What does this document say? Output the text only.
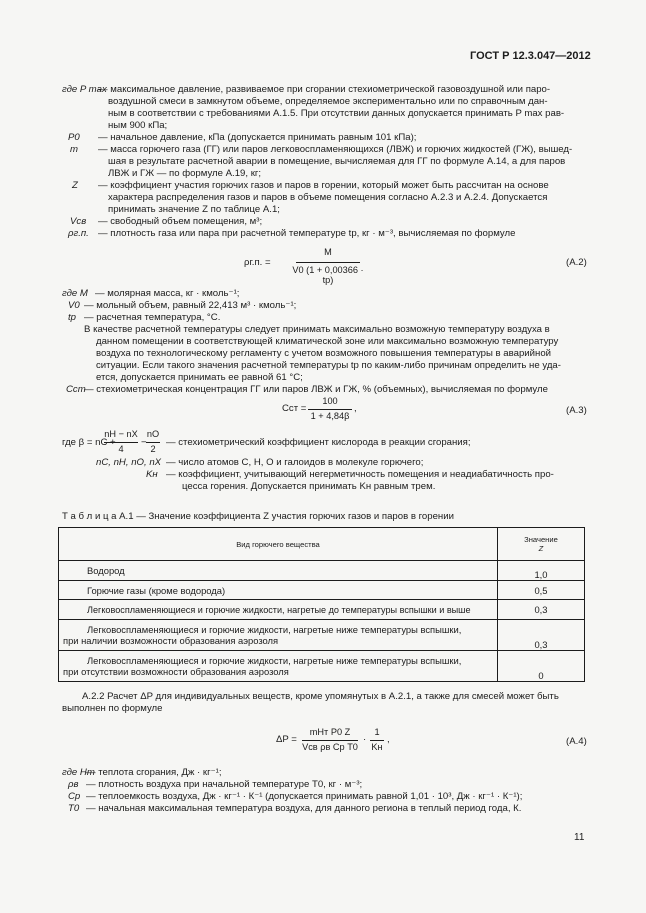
ГОСТ Р 12.3.047—2012
где P max
— максимальное давление, развиваемое при сгорании стехиометрической газовоздушной или паро-
воздушной смеси в замкнутом объеме, определяемое экспериментально или по справочным дан-
ным в соответствии с требованиями А.1.5. При отсутствии данных допускается принимать P max рав-
ным 900 кПа;
P0 — начальное давление, кПа (допускается принимать равным 101 кПа);
m — масса горючего газа (ГГ) или паров легковоспламеняющихся (ЛВЖ) и горючих жидкостей (ГЖ), вышед-
шая в результате расчетной аварии в помещение, вычисляемая для ГГ по формуле А.14, а для паров
ЛВЖ и ГЖ — по формуле А.19, кг;
Z — коэффициент участия горючих газов и паров в горении, который может быть рассчитан на основе
характера распределения газов и паров в объеме помещения согласно А.2.3 и А.2.4. Допускается
принимать значение Z по таблице А.1;
Vсв — свободный объем помещения, м³;
ρг.п. — плотность газа или пара при расчетной температуре tр, кг · м⁻³, вычисляемая по формуле
ρг.п. =
M
V0 (1 + 0,00366 · tр)
(А.2)
где M — молярная масса, кг · кмоль⁻¹;
V0 — мольный объем, равный 22,413 м³ · кмоль⁻¹;
tр — расчетная температура, °С.
В качестве расчетной температуры следует принимать максимально возможную температуру воздуха в
данном помещении в соответствующей климатической зоне или максимально возможную температуру
воздуха по технологическому регламенту с учетом возможного повышения температуры в аварийной
ситуации. Если такого значения расчетной температуры tр по каким-либо причинам определить не уда-
ется, допускается принимать ее равной 61 °С;
Cст
— стехиометрическая концентрация ГГ или паров ЛВЖ и ГЖ, % (объемных), вычисляемая по формуле
Cст =
100
1 + 4,84β
,	(А.3)
где β = nС +
nН − nХ
4
−
nО
2
— стехиометрический коэффициент кислорода в реакции сгорания;
nС, nН, nО, nХ — число атомов С, Н, О и галоидов в молекуле горючего;
Kн — коэффициент, учитывающий негерметичность помещения и неадиабатичность про-
цесса горения. Допускается принимать Kн равным трем.
Т а б л и ц а А.1 — Значение коэффициента Z участия горючих газов и паров в горении
Вид горючего вещества	Значение
Z
Водород	1,0
Горючие газы (кроме водорода)	0,5
Легковоспламеняющиеся и горючие жидкости, нагретые до температуры вспышки и выше	0,3

Легковоспламеняющиеся и горючие жидкости, нагретые ниже температуры вспышки,
при наличии возможности образования аэрозоля	0,3

Легковоспламеняющиеся и горючие жидкости, нагретые ниже температуры вспышки,
при отсутствии возможности образования аэрозоля	0
А.2.2 Расчет ΔP для индивидуальных веществ, кроме упомянутых в А.2.1, а также для смесей может быть
выполнен по формуле
ΔP =
mHт P0 Z
Vсв ρв Cр T0
·
1
Kн
,	(А.4)
где Hт
— теплота сгорания, Дж · кг⁻¹;
ρв — плотность воздуха при начальной температуре T0, кг · м⁻³;
Cр — теплоемкость воздуха, Дж · кг⁻¹ · К⁻¹ (допускается принимать равной 1,01 · 10³, Дж · кг⁻¹ · К⁻¹);
T0 — начальная максимальная температура воздуха, для данного региона в теплый период года, К.
11
